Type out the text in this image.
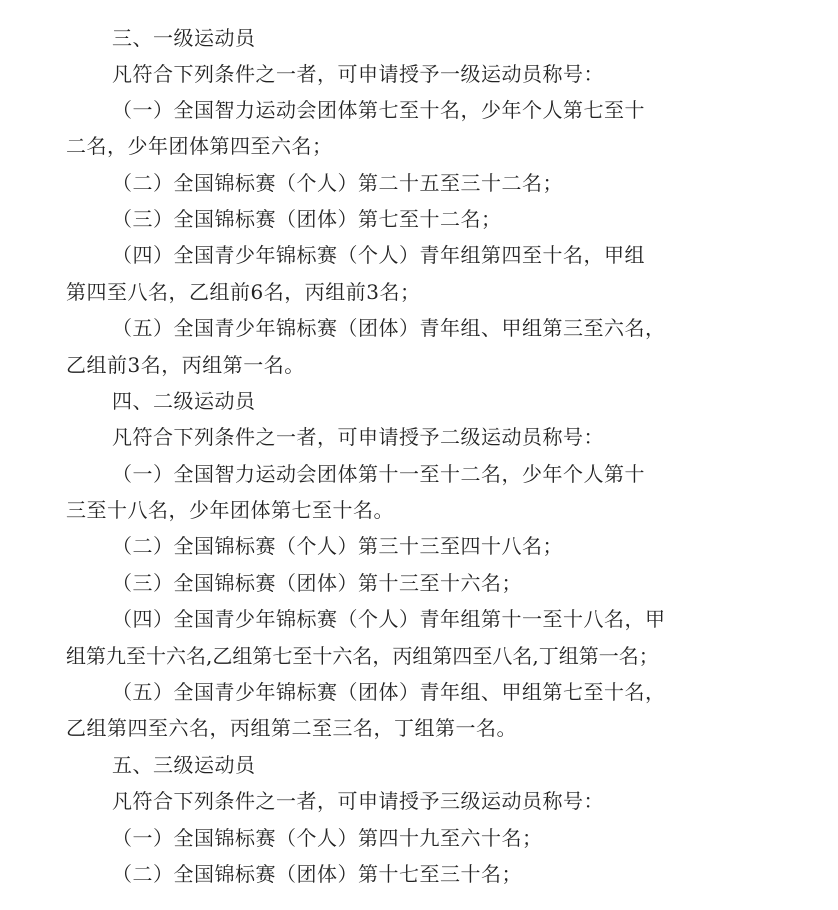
三、一级运动员
凡符合下列条件之一者，可申请授予一级运动员称号：
（一）全国智力运动会团体第七至十名，少年个人第七至十
二名，少年团体第四至六名；
（二）全国锦标赛（个人）第二十五至三十二名；
（三）全国锦标赛（团体）第七至十二名；
（四）全国青少年锦标赛（个人）青年组第四至十名，甲组
第四至八名，乙组前6名，丙组前3名；
（五）全国青少年锦标赛（团体）青年组、甲组第三至六名，
乙组前3名，丙组第一名。
四、二级运动员
凡符合下列条件之一者，可申请授予二级运动员称号：
（一）全国智力运动会团体第十一至十二名，少年个人第十
三至十八名，少年团体第七至十名。
（二）全国锦标赛（个人）第三十三至四十八名；
（三）全国锦标赛（团体）第十三至十六名；
（四）全国青少年锦标赛（个人）青年组第十一至十八名，甲
组第九至十六名,乙组第七至十六名，丙组第四至八名,丁组第一名；
（五）全国青少年锦标赛（团体）青年组、甲组第七至十名，
乙组第四至六名，丙组第二至三名，丁组第一名。
五、三级运动员
凡符合下列条件之一者，可申请授予三级运动员称号：
（一）全国锦标赛（个人）第四十九至六十名；
（二）全国锦标赛（团体）第十七至三十名；
